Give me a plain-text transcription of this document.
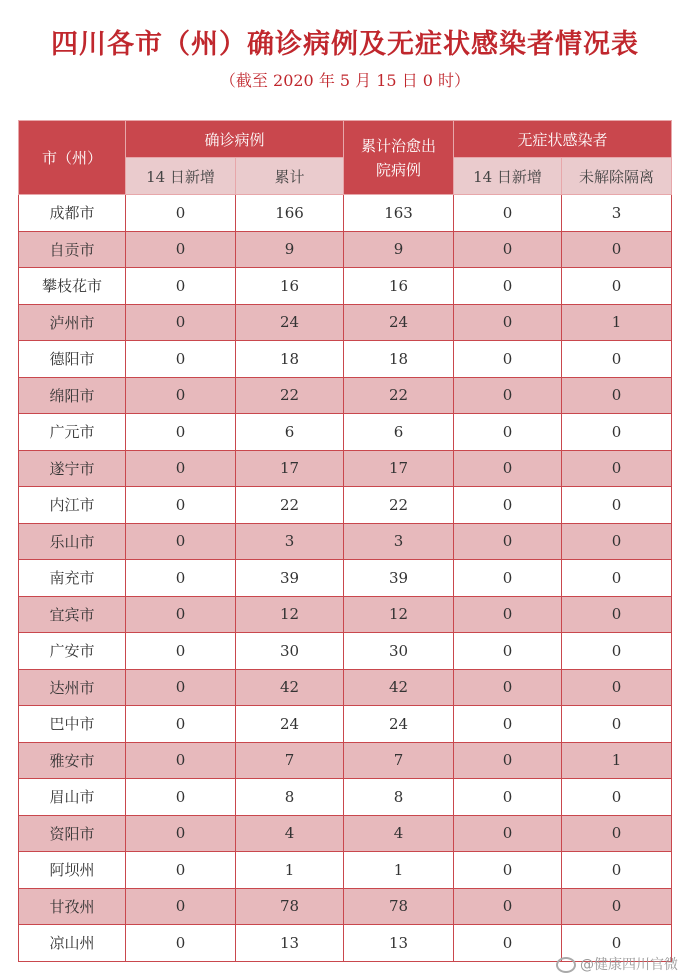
四川各市（州）确诊病例及无症状感染者情况表
（截至 2020 年 5 月 15 日 0 时）
市（州）	确诊病例		累计治愈出院病例	无症状感染者	
	14 日新增	累计		14 日新增	未解除隔离
成都市	0	166	163	0	3
自贡市	0	9	9	0	0
攀枝花市	0	16	16	0	0
泸州市	0	24	24	0	1
德阳市	0	18	18	0	0
绵阳市	0	22	22	0	0
广元市	0	6	6	0	0
遂宁市	0	17	17	0	0
内江市	0	22	22	0	0
乐山市	0	3	3	0	0
南充市	0	39	39	0	0
宜宾市	0	12	12	0	0
广安市	0	30	30	0	0
达州市	0	42	42	0	0
巴中市	0	24	24	0	0
雅安市	0	7	7	0	1
眉山市	0	8	8	0	0
资阳市	0	4	4	0	0
阿坝州	0	1	1	0	0
甘孜州	0	78	78	0	0
凉山州	0	13	13	0	0
@健康四川官微
